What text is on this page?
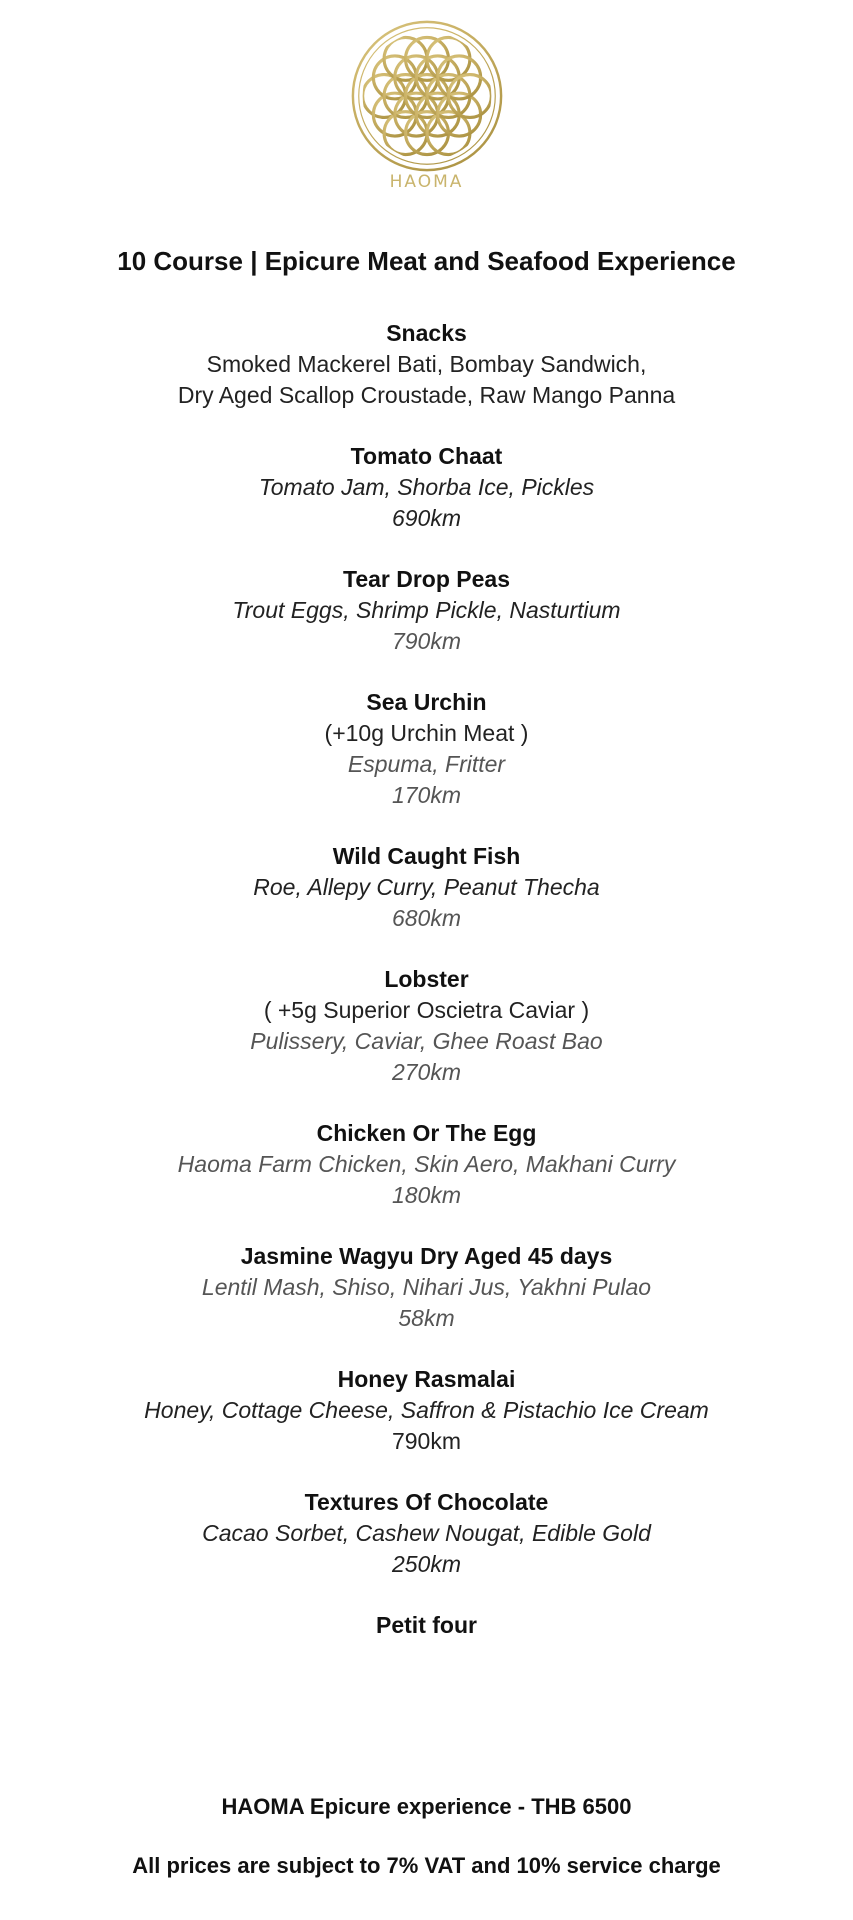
HAOMA
10 Course | Epicure Meat and Seafood Experience
Snacks
Smoked Mackerel Bati, Bombay Sandwich,
Dry Aged Scallop Croustade, Raw Mango Panna
Tomato Chaat
Tomato Jam, Shorba Ice, Pickles
690km
Tear Drop Peas
Trout Eggs, Shrimp Pickle, Nasturtium
790km
Sea Urchin
(+10g Urchin Meat )
Espuma, Fritter
170km
Wild Caught Fish
Roe, Allepy Curry, Peanut Thecha
680km
Lobster
( +5g Superior Oscietra Caviar )
Pulissery, Caviar, Ghee Roast Bao
270km
Chicken Or The Egg
Haoma Farm Chicken, Skin Aero, Makhani Curry
180km
Jasmine Wagyu Dry Aged 45 days
Lentil Mash, Shiso, Nihari Jus, Yakhni Pulao
58km
Honey Rasmalai
Honey, Cottage Cheese, Saffron & Pistachio Ice Cream
790km
Textures Of Chocolate
Cacao Sorbet, Cashew Nougat, Edible Gold
250km
Petit four
HAOMA Epicure experience - THB 6500
All prices are subject to 7% VAT and 10% service charge
